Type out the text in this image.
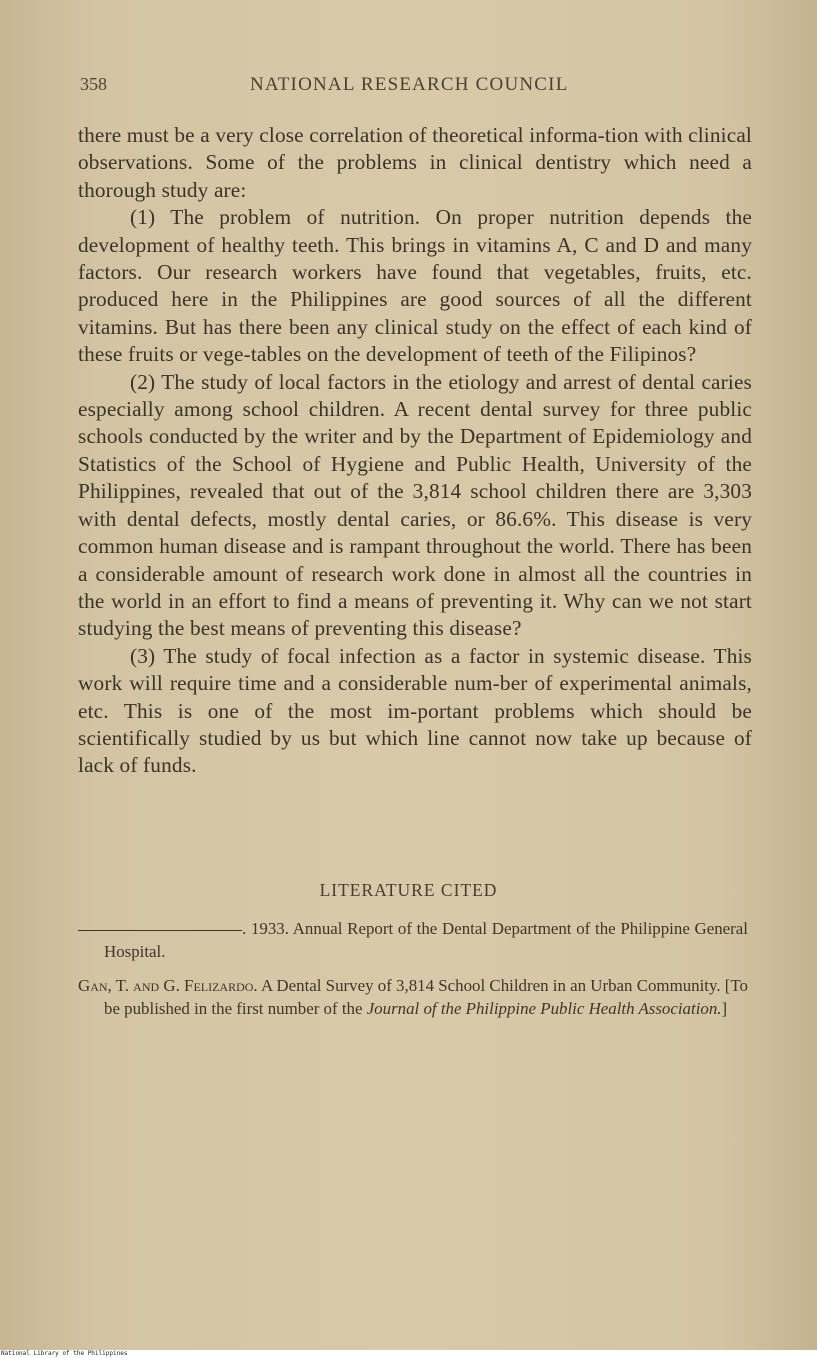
358	NATIONAL RESEARCH COUNCIL

there must be a very close correlation of theoretical informa-tion with clinical observations. Some of the problems in clinical dentistry which need a thorough study are:

(1) The problem of nutrition. On proper nutrition depends the development of healthy teeth. This brings in vitamins A, C and D and many factors. Our research workers have found that vegetables, fruits, etc. produced here in the Philippines are good sources of all the different vitamins. But has there been any clinical study on the effect of each kind of these fruits or vege-tables on the development of teeth of the Filipinos?

(2) The study of local factors in the etiology and arrest of dental caries especially among school children. A recent dental survey for three public schools conducted by the writer and by the Department of Epidemiology and Statistics of the School of Hygiene and Public Health, University of the Philippines, revealed that out of the 3,814 school children there are 3,303 with dental defects, mostly dental caries, or 86.6%. This disease is very common human disease and is rampant throughout the world. There has been a considerable amount of research work done in almost all the countries in the world in an effort to find a means of preventing it. Why can we not start studying the best means of preventing this disease?

(3) The study of focal infection as a factor in systemic disease. This work will require time and a considerable num-ber of experimental animals, etc. This is one of the most im-portant problems which should be scientifically studied by us but which line cannot now take up because of lack of funds.

LITERATURE CITED

. 1933. Annual Report of the Dental Department of the Philippine General Hospital.

Gan, T. and G. Felizardo. A Dental Survey of 3,814 School Children in an Urban Community. [To be published in the first number of the Journal of the Philippine Public Health Association.]

National Library of the Philippines
